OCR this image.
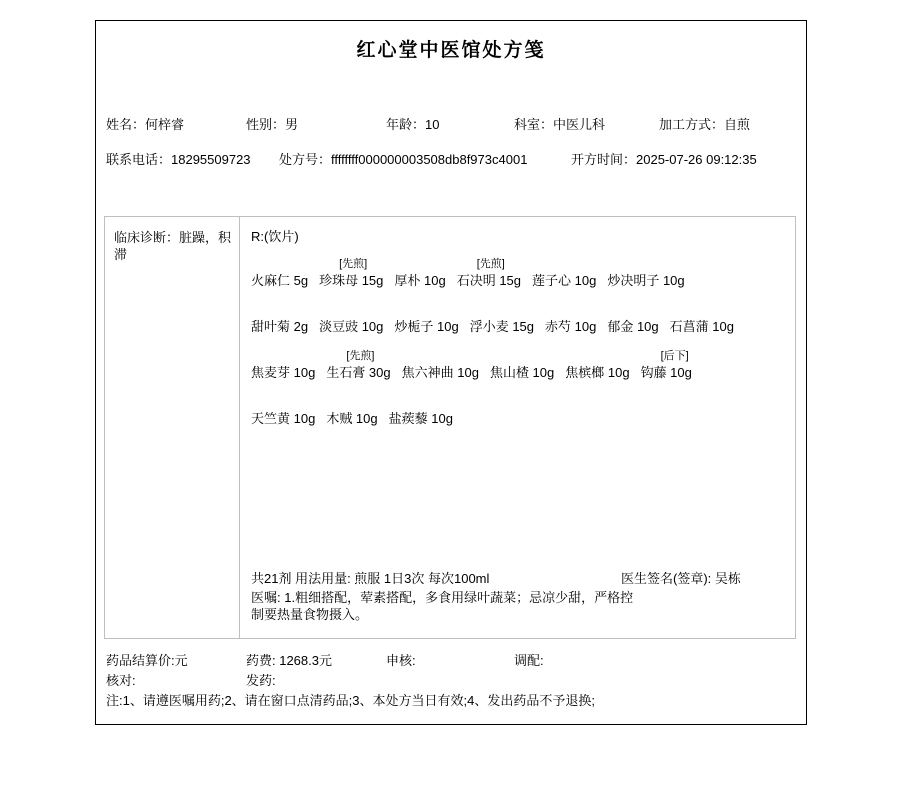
红心堂中医馆处方笺
姓名：何梓睿	性别：男	年龄：10	科室：中医儿科	加工方式：自煎
联系电话：18295509723 处方号：ffffffff000000003508db8f973c4001	开方时间：2025-07-26 09:12:35
临床诊断：脏躁，积滞
R:(饮片)
火麻仁 5g
[先煎]
珍珠母 15g 厚朴 10g
[先煎]
石决明 15g 莲子心 10g 炒决明子 10g
甜叶菊 2g 淡豆豉 10g 炒栀子 10g 浮小麦 15g 赤芍 10g 郁金 10g 石菖蒲 10g
焦麦芽 10g
[先煎]
生石膏 30g 焦六神曲 10g 焦山楂 10g 焦槟榔 10g
[后下]
钩藤 10g
天竺黄 10g 木贼 10g 盐蒺藜 10g
共21剂 用法用量: 煎服 1日3次 每次100ml	医生签名(签章): 吴栋
医嘱: 1.粗细搭配，荤素搭配，多食用绿叶蔬菜；忌凉少甜，严格控制要热量食物摄入。
药品结算价:元	药费: 1268.3元	申核:	调配:
核对:	发药:
注:1、请遵医嘱用药;2、请在窗口点清药品;3、本处方当日有效;4、发出药品不予退换;
